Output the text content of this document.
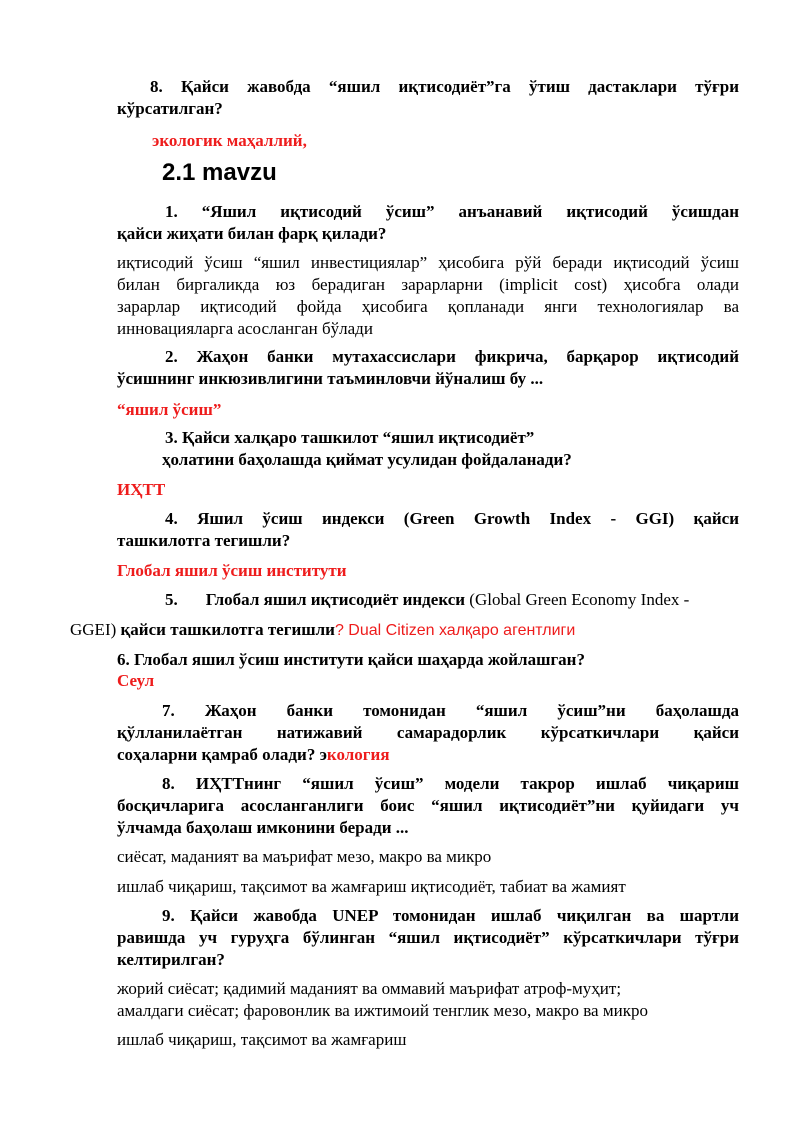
8. Қайси жавобда “яшил иқтисодиёт”га ўтиш дастаклари тўғри
кўрсатилган?
экологик маҳаллий,
2.1 mavzu
1. “Яшил иқтисодий ўсиш” анъанавий иқтисодий ўсишдан
қайси жиҳати билан фарқ қилади?
иқтисодий ўсиш “яшил инвестициялар” ҳисобига рўй беради иқтисодий ўсиш
билан биргаликда юз берадиган зарарларни (implicit cost) ҳисобга олади
зарарлар иқтисодий фойда ҳисобига қопланади янги технологиялар ва
инновацияларга асосланган бўлади
2. Жаҳон банки мутахассислари фикрича, барқарор иқтисодий
ўсишнинг инкюзивлигини таъминловчи йўналиш бу ...
“яшил ўсиш”
3. Қайси халқаро ташкилот “яшил иқтисодиёт”
ҳолатини баҳолашда қиймат усулидан фойдаланади?
ИҲТТ
4. Яшил ўсиш индекси (Green Growth Index - GGI) қайси
ташкилотга тегишли?
Глобал яшил ўсиш институти
5. Глобал яшил иқтисодиёт индекси (Global Green Economy Index -
GGEI) қайси ташкилотга тегишли? Dual Citizen халқаро агентлиги
6. Глобал яшил ўсиш институти қайси шаҳарда жойлашган?
Сеул
7. Жаҳон банки томонидан “яшил ўсиш”ни баҳолашда
қўлланилаётган натижавий самарадорлик кўрсаткичлари қайси
соҳаларни қамраб олади? экология
8. ИҲТТнинг “яшил ўсиш” модели такрор ишлаб чиқариш
босқичларига асосланганлиги боис “яшил иқтисодиёт”ни қуйидаги уч
ўлчамда баҳолаш имконини беради ...
сиёсат, маданият ва маърифат мезо, макро ва микро
ишлаб чиқариш, тақсимот ва жамғариш иқтисодиёт, табиат ва жамият
9. Қайси жавобда UNEP томонидан ишлаб чиқилган ва шартли
равишда уч гуруҳга бўлинган “яшил иқтисодиёт” кўрсаткичлари тўғри
келтирилган?
жорий сиёсат; қадимий маданият ва оммавий маърифат атроф-муҳит;
амалдаги сиёсат; фаровонлик ва ижтимоий тенглик мезо, макро ва микро
ишлаб чиқариш, тақсимот ва жамғариш
